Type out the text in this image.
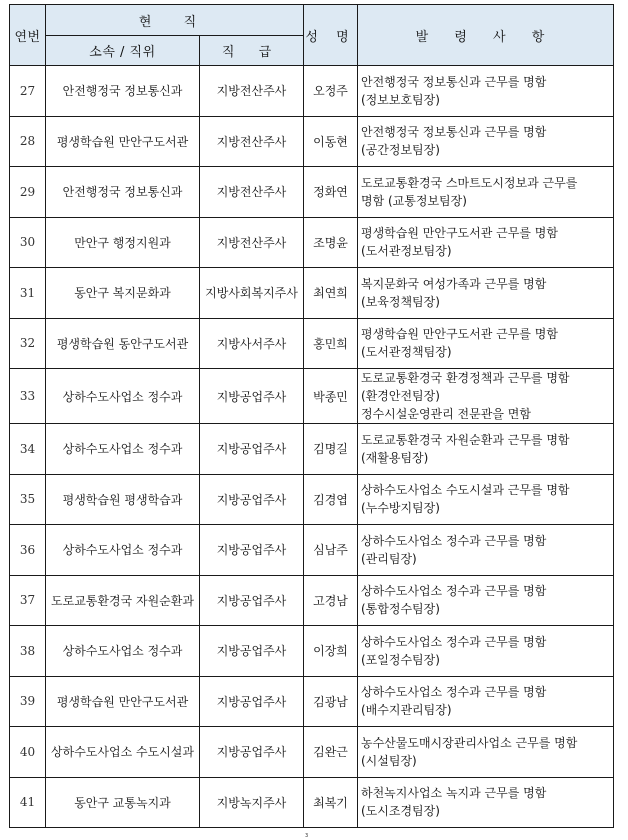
연번	현 직		성 명	발 령 사 항
	소속 / 직위	직 급		
27	안전행정국 정보통신과	지방전산주사	오정주	안전행정국 정보통신과 근무를 명함
(정보보호팀장)

28	평생학습원 만안구도서관	지방전산주사	이동현	안전행정국 정보통신과 근무를 명함
(공간정보팀장)

29	안전행정국 정보통신과	지방전산주사	정화연	도로교통환경국 스마트도시정보과 근무를
명함 (교통정보팀장)

30	만안구 행정지원과	지방전산주사	조명윤	평생학습원 만안구도서관 근무를 명함
(도서관정보팀장)

31	동안구 복지문화과	지방사회복지주사	최연희	복지문화국 여성가족과 근무를 명함
(보육정책팀장)

32	평생학습원 동안구도서관	지방사서주사	홍민희	평생학습원 만안구도서관 근무를 명함
(도서관정책팀장)

33	상하수도사업소 정수과	지방공업주사	박종민	도로교통환경국 환경정책과 근무를 명함
(환경안전팀장)
정수시설운영관리 전문관을 면함

34	상하수도사업소 정수과	지방공업주사	김명길	도로교통환경국 자원순환과 근무를 명함
(재활용팀장)

35	평생학습원 평생학습과	지방공업주사	김경엽	상하수도사업소 수도시설과 근무를 명함
(누수방지팀장)

36	상하수도사업소 정수과	지방공업주사	심남주	상하수도사업소 정수과 근무를 명함
(관리팀장)

37	도로교통환경국 자원순환과	지방공업주사	고경남	상하수도사업소 정수과 근무를 명함
(통합정수팀장)

38	상하수도사업소 정수과	지방공업주사	이장희	상하수도사업소 정수과 근무를 명함
(포일정수팀장)

39	평생학습원 만안구도서관	지방공업주사	김광남	상하수도사업소 정수과 근무를 명함
(배수지관리팀장)

40	상하수도사업소 수도시설과	지방공업주사	김완근	농수산물도매시장관리사업소 근무를 명함
(시설팀장)

41	동안구 교통녹지과	지방녹지주사	최복기	하천녹지사업소 녹지과 근무를 명함
(도시조경팀장)
3
